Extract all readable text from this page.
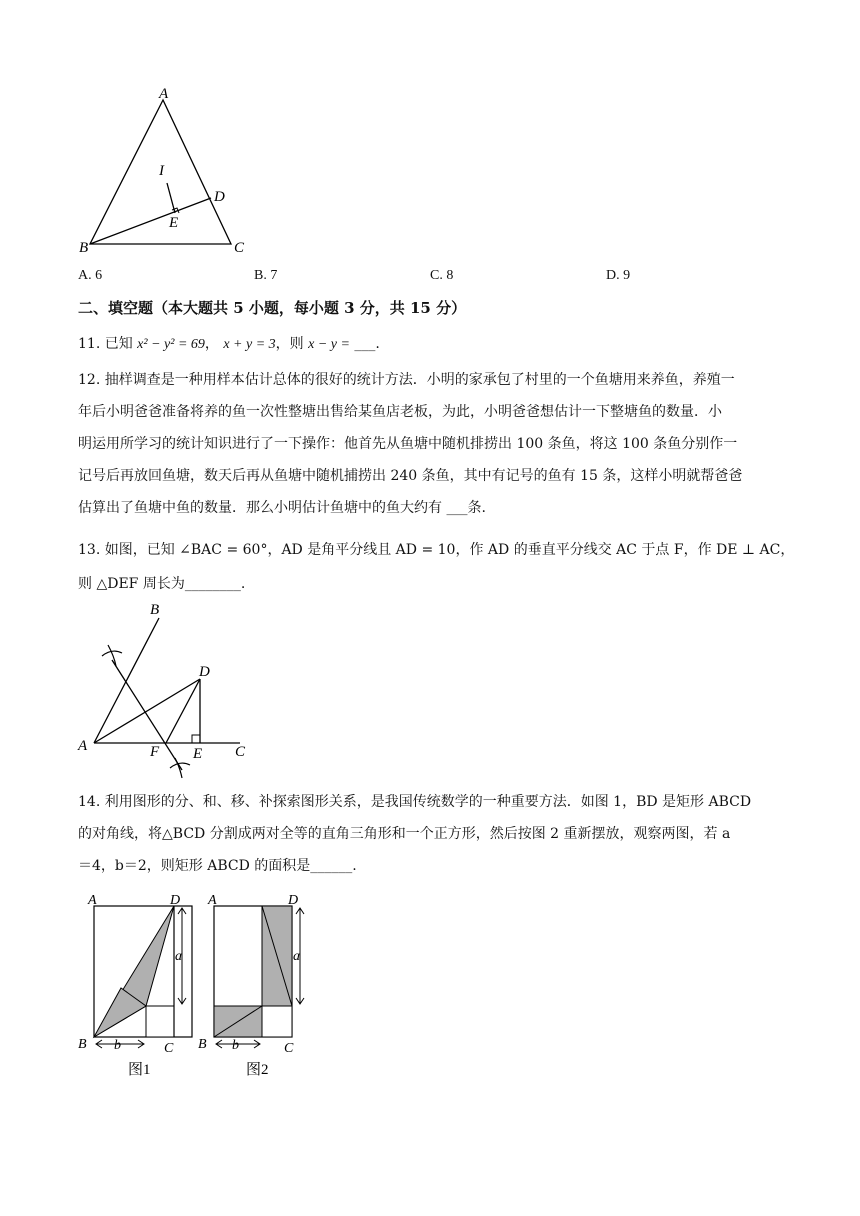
A
B	C
D
E
I
A. 6	B. 7	C. 8	D. 9
二、填空题（本大题共 5 小题，每小题 3 分，共 15 分）
11. 已知 x² − y² = 69， x + y = 3，则 x − y = ___.
12. 抽样调查是一种用样本估计总体的很好的统计方法．小明的家承包了村里的一个鱼塘用来养鱼，养殖一
年后小明爸爸准备将养的鱼一次性整塘出售给某鱼店老板，为此，小明爸爸想估计一下整塘鱼的数量．小
明运用所学习的统计知识进行了一下操作：他首先从鱼塘中随机排捞出 100 条鱼，将这 100 条鱼分别作一
记号后再放回鱼塘，数天后再从鱼塘中随机捕捞出 240 条鱼，其中有记号的鱼有 15 条，这样小明就帮爸爸
估算出了鱼塘中鱼的数量．那么小明估计鱼塘中的鱼大约有 ___条.
13. 如图，已知 ∠BAC = 60°，AD 是角平分线且 AD = 10，作 AD 的垂直平分线交 AC 于点 F，作 DE ⊥ AC，
则 △DEF 周长为________.
B
D
A	F E C
14. 利用图形的分、和、移、补探索图形关系，是我国传统数学的一种重要方法．如图 1，BD 是矩形 ABCD
的对角线，将△BCD 分割成两对全等的直角三角形和一个正方形，然后按图 2 重新摆放，观察两图，若 a
＝4，b＝2，则矩形 ABCD 的面积是______.
a
b
A	D
B	C
图1
a
b
A	D
B	C
图2
